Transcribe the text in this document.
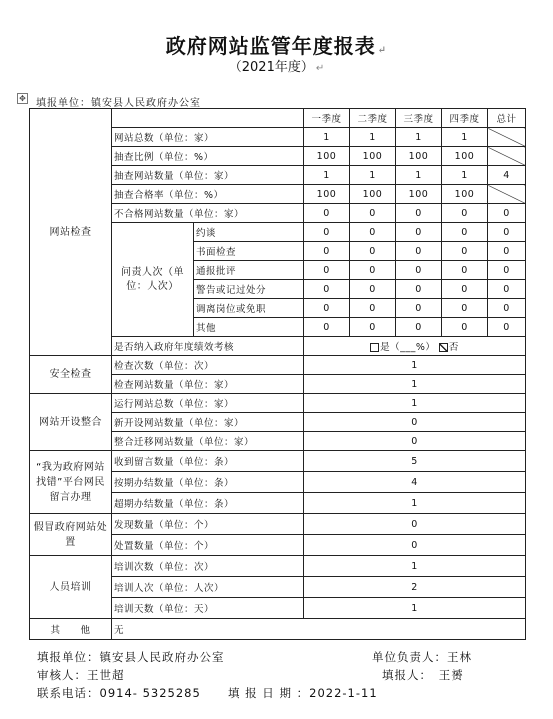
政府网站监管年度报表 ↵
（2021年度） ↵
✥ 填报单位：镇安县人民政府办公室
网站检查			一季度	二季度	三季度	四季度	总计
	网站总数（单位：家）		1	1	1	1	
	抽查比例（单位：%）		100	100	100	100	
	抽查网站数量（单位：家）		1	1	1	1	4
	抽查合格率（单位：%）		100	100	100	100	
	不合格网站数量（单位：家）		0	0	0	0	0
	问责人次（单位：人次）	约谈	0	0	0	0	0
		书面检查	0	0	0	0	0
		通报批评	0	0	0	0	0
		警告或记过处分	0	0	0	0	0
		调离岗位或免职	0	0	0	0	0
		其他	0	0	0	0	0
	是否纳入政府年度绩效考核		是（___%） 否				
安全检查	检查次数（单位：次）		1				
	检查网站数量（单位：家）		1				
网站开设整合	运行网站总数（单位：家）		1				
	新开设网站数量（单位：家）		0				
	整合迁移网站数量（单位：家）		0				
“我为政府网站找错”平台网民留言办理	收到留言数量（单位：条）		5				
	按期办结数量（单位：条）		4				
	超期办结数量（单位：条）		1				
假冒政府网站处置	发现数量（单位：个）		0				
	处置数量（单位：个）		0				
人员培训	培训次数（单位：次）		1				
	培训人次（单位：人次）		2				
	培训天数（单位：天）		1				
其　　他	无						
填报单位：镇安县人民政府办公室	单位负责人：王林
审核人：王世超	填报人：　王赟
联系电话：0914- 5325285 填 报 日 期 ：2022-1-11
